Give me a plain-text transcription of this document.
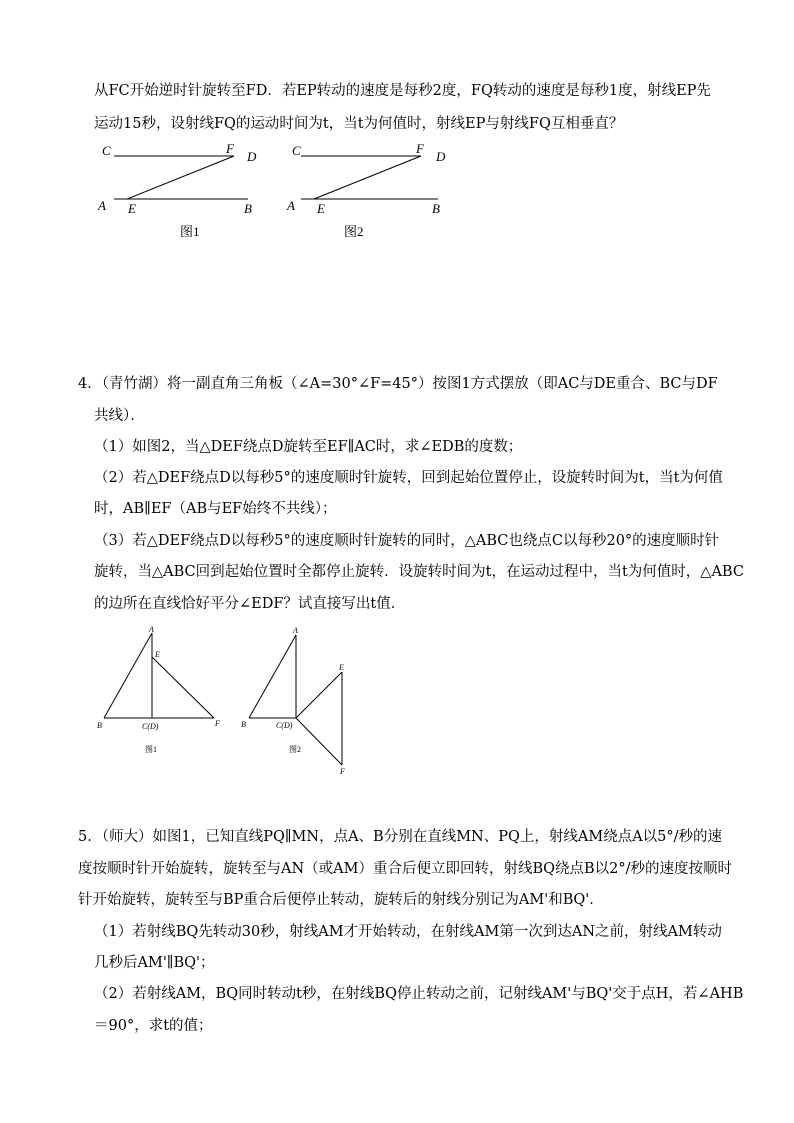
从FC开始逆时针旋转至FD．若EP转动的速度是每秒2度，FQ转动的速度是每秒1度，射线EP先
运动15秒，设射线FQ的运动时间为t，当t为何值时，射线EP与射线FQ互相垂直？
C	F
D
A E	B
图1
C	F
D
A E	B
图2
4．（青竹湖）将一副直角三角板（∠A=30°∠F=45°）按图1方式摆放（即AC与DE重合、BC与DF
共线）．
（1）如图2，当△DEF绕点D旋转至EF∥AC时，求∠EDB的度数；
（2）若△DEF绕点D以每秒5°的速度顺时针旋转，回到起始位置停止，设旋转时间为t，当t为何值
时，AB∥EF（AB与EF始终不共线）；
（3）若△DEF绕点D以每秒5°的速度顺时针旋转的同时，△ABC也绕点C以每秒20°的速度顺时针
旋转，当△ABC回到起始位置时全都停止旋转．设旋转时间为t，在运动过程中，当t为何值时，△ABC
的边所在直线恰好平分∠EDF？试直接写出t值．
A
E
B	C(D)	F
图1
A
E
B	C(D)
F
图2
5．（师大）如图1，已知直线PQ∥MN，点A、B分别在直线MN、PQ上，射线AM绕点A以5°/秒的速
度按顺时针开始旋转，旋转至与AN（或AM）重合后便立即回转，射线BQ绕点B以2°/秒的速度按顺时
针开始旋转，旋转至与BP重合后便停止转动，旋转后的射线分别记为AM'和BQ'．
（1）若射线BQ先转动30秒，射线AM才开始转动，在射线AM第一次到达AN之前，射线AM转动
几秒后AM'∥BQ'；
（2）若射线AM，BQ同时转动t秒，在射线BQ停止转动之前，记射线AM'与BQ'交于点H，若∠AHB
＝90°，求t的值；
